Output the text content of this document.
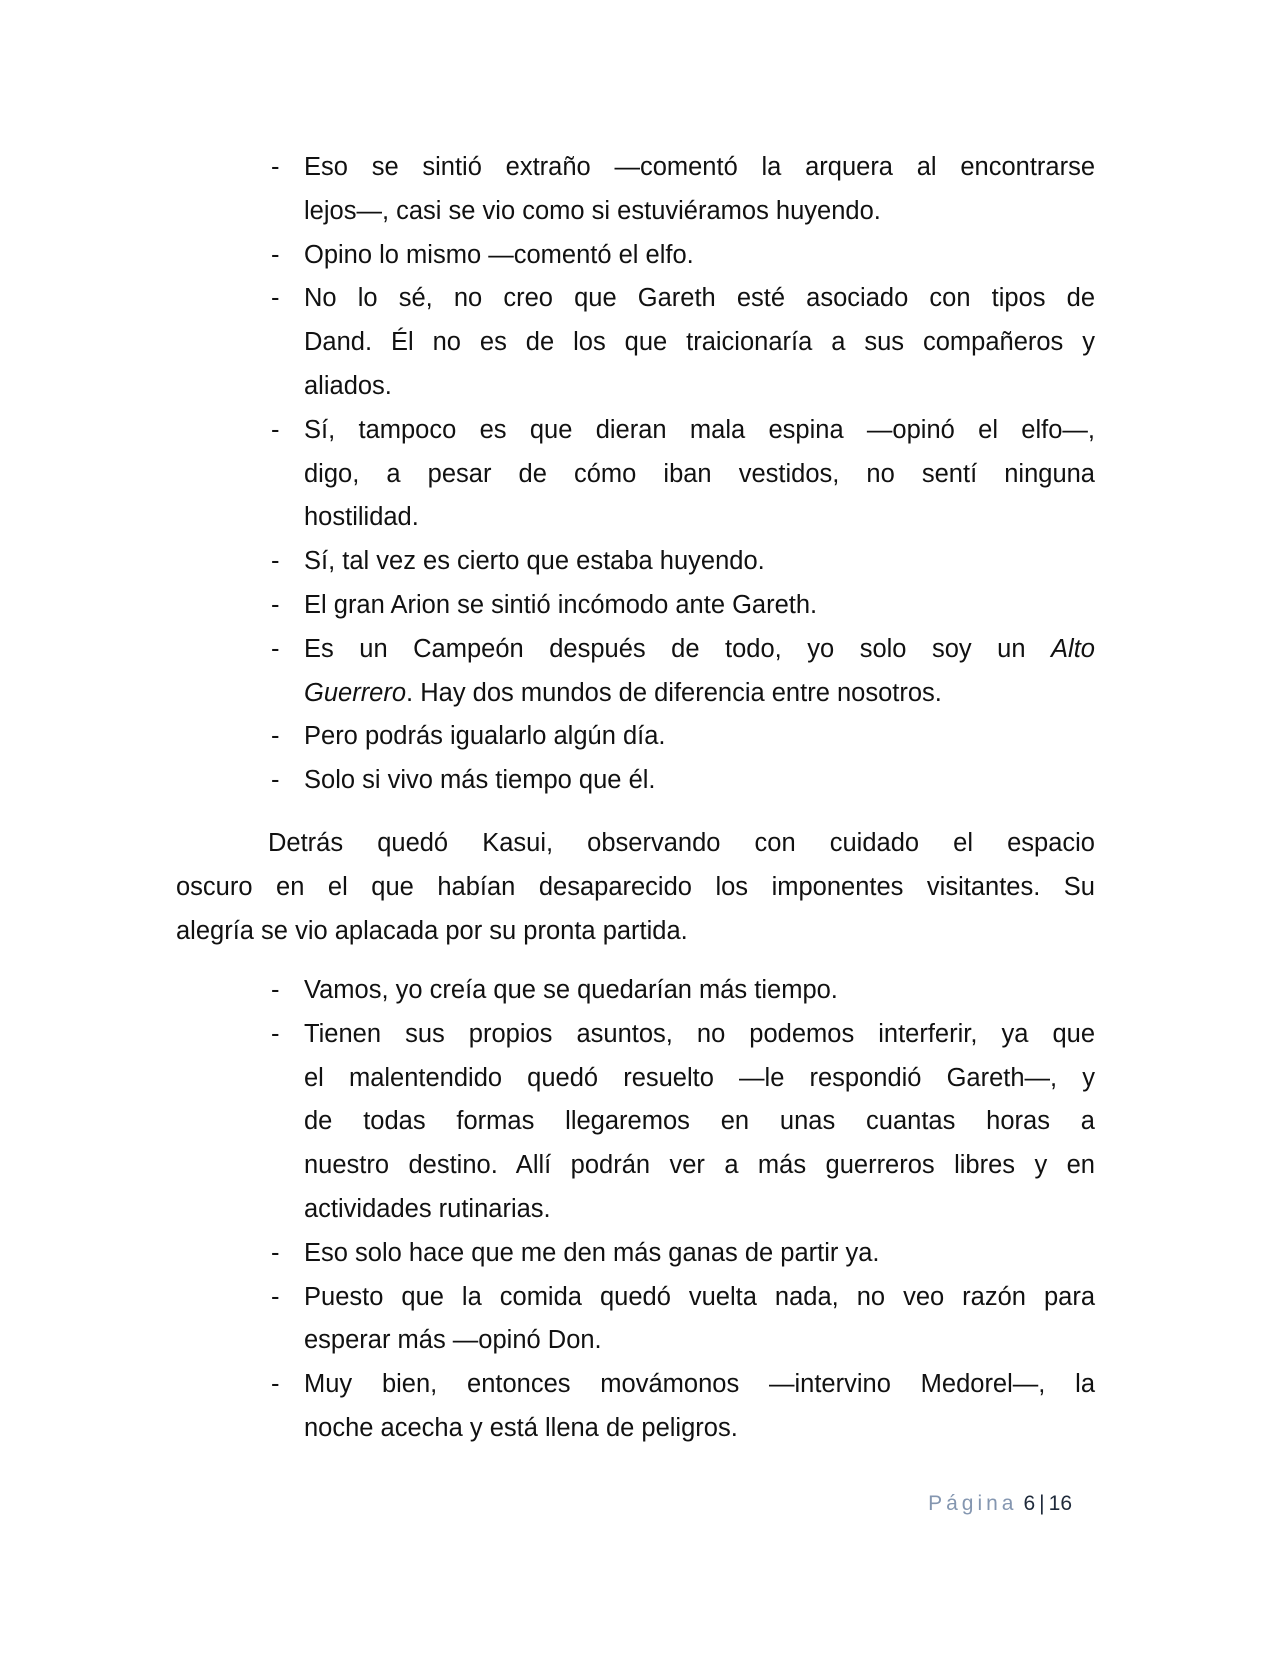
- Eso se sintió extraño —comentó la arquera al encontrarse
lejos—, casi se vio como si estuviéramos huyendo.
- Opino lo mismo —comentó el elfo.
- No lo sé, no creo que Gareth esté asociado con tipos de
Dand. Él no es de los que traicionaría a sus compañeros y
aliados.
- Sí, tampoco es que dieran mala espina —opinó el elfo—,
digo, a pesar de cómo iban vestidos, no sentí ninguna
hostilidad.
- Sí, tal vez es cierto que estaba huyendo.
- El gran Arion se sintió incómodo ante Gareth.
- Es un Campeón después de todo, yo solo soy un Alto
Guerrero. Hay dos mundos de diferencia entre nosotros.
- Pero podrás igualarlo algún día.
- Solo si vivo más tiempo que él.
Detrás quedó Kasui, observando con cuidado el espacio
oscuro en el que habían desaparecido los imponentes visitantes. Su
alegría se vio aplacada por su pronta partida.
- Vamos, yo creía que se quedarían más tiempo.
- Tienen sus propios asuntos, no podemos interferir, ya que
el malentendido quedó resuelto —le respondió Gareth—, y
de todas formas llegaremos en unas cuantas horas a
nuestro destino. Allí podrán ver a más guerreros libres y en
actividades rutinarias.
- Eso solo hace que me den más ganas de partir ya.
- Puesto que la comida quedó vuelta nada, no veo razón para
esperar más —opinó Don.
- Muy bien, entonces movámonos —intervino Medorel—, la
noche acecha y está llena de peligros.
Página 6 | 16
